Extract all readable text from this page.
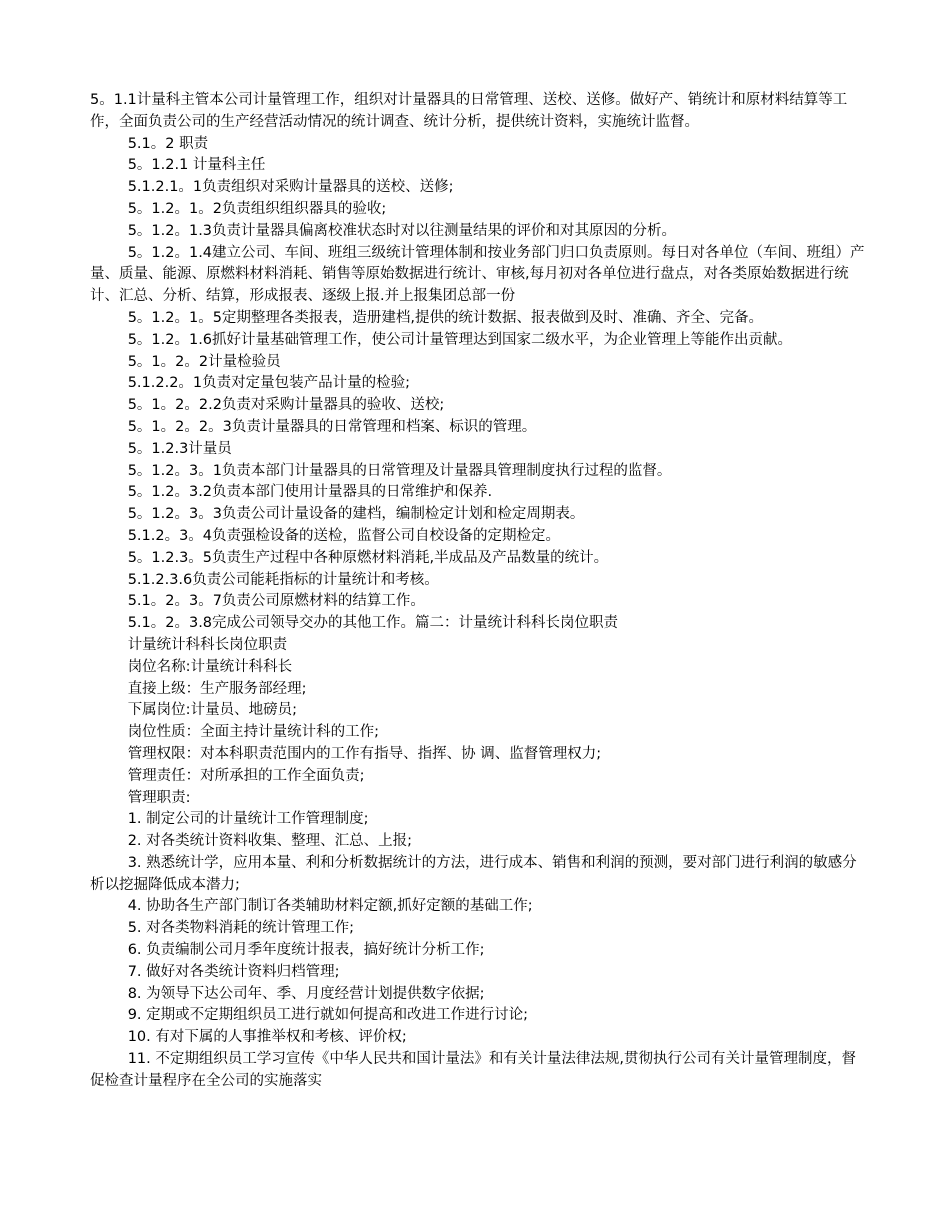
5。1.1计量科主管本公司计量管理工作，组织对计量器具的日常管理、送校、送修。做好产、销统计和原材料结算等工作，全面负责公司的生产经营活动情况的统计调查、统计分析，提供统计资料，实施统计监督。

5.1。2 职责

5。1.2.1 计量科主任

5.1.2.1。1负责组织对采购计量器具的送校、送修;

5。1.2。1。2负责组织组织器具的验收;

5。1.2。1.3负责计量器具偏离校准状态时对以往测量结果的评价和对其原因的分析。

5。1.2。1.4建立公司、车间、班组三级统计管理体制和按业务部门归口负责原则。每日对各单位（车间、班组）产量、质量、能源、原燃料材料消耗、销售等原始数据进行统计、审核,每月初对各单位进行盘点，对各类原始数据进行统计、汇总、分析、结算，形成报表、逐级上报.并上报集团总部一份

5。1.2。1。5定期整理各类报表，造册建档,提供的统计数据、报表做到及时、准确、齐全、完备。

5。1.2。1.6抓好计量基础管理工作，使公司计量管理达到国家二级水平，为企业管理上等能作出贡献。

5。1。2。2计量检验员

5.1.2.2。1负责对定量包装产品计量的检验;

5。1。2。2.2负责对采购计量器具的验收、送校;

5。1。2。2。3负责计量器具的日常管理和档案、标识的管理。

5。1.2.3计量员

5。1.2。3。1负责本部门计量器具的日常管理及计量器具管理制度执行过程的监督。

5。1.2。3.2负责本部门使用计量器具的日常维护和保养.

5。1.2。3。3负责公司计量设备的建档，编制检定计划和检定周期表。

5.1.2。3。4负责强检设备的送检，监督公司自校设备的定期检定。

5。1.2.3。5负责生产过程中各种原燃材料消耗,半成品及产品数量的统计。

5.1.2.3.6负责公司能耗指标的计量统计和考核。

5.1。2。3。7负责公司原燃材料的结算工作。

5.1。2。3.8完成公司领导交办的其他工作。篇二：计量统计科科长岗位职责

计量统计科科长岗位职责

岗位名称:计量统计科科长

直接上级：生产服务部经理;

下属岗位:计量员、地磅员;

岗位性质：全面主持计量统计科的工作;

管理权限：对本科职责范围内的工作有指导、指挥、协 调、监督管理权力;

管理责任：对所承担的工作全面负责;

管理职责:

1. 制定公司的计量统计工作管理制度;

2. 对各类统计资料收集、整理、汇总、上报;

3. 熟悉统计学，应用本量、利和分析数据统计的方法，进行成本、销售和利润的预测，要对部门进行利润的敏感分析以挖掘降低成本潜力;

4. 协助各生产部门制订各类辅助材料定额,抓好定额的基础工作;

5. 对各类物料消耗的统计管理工作;

6. 负责编制公司月季年度统计报表，搞好统计分析工作;

7. 做好对各类统计资料归档管理;

8. 为领导下达公司年、季、月度经营计划提供数字依据;

9. 定期或不定期组织员工进行就如何提高和改进工作进行讨论;

10. 有对下属的人事推举权和考核、评价权;

11. 不定期组织员工学习宣传《中华人民共和国计量法》和有关计量法律法规,贯彻执行公司有关计量管理制度，督促检查计量程序在全公司的实施落实
